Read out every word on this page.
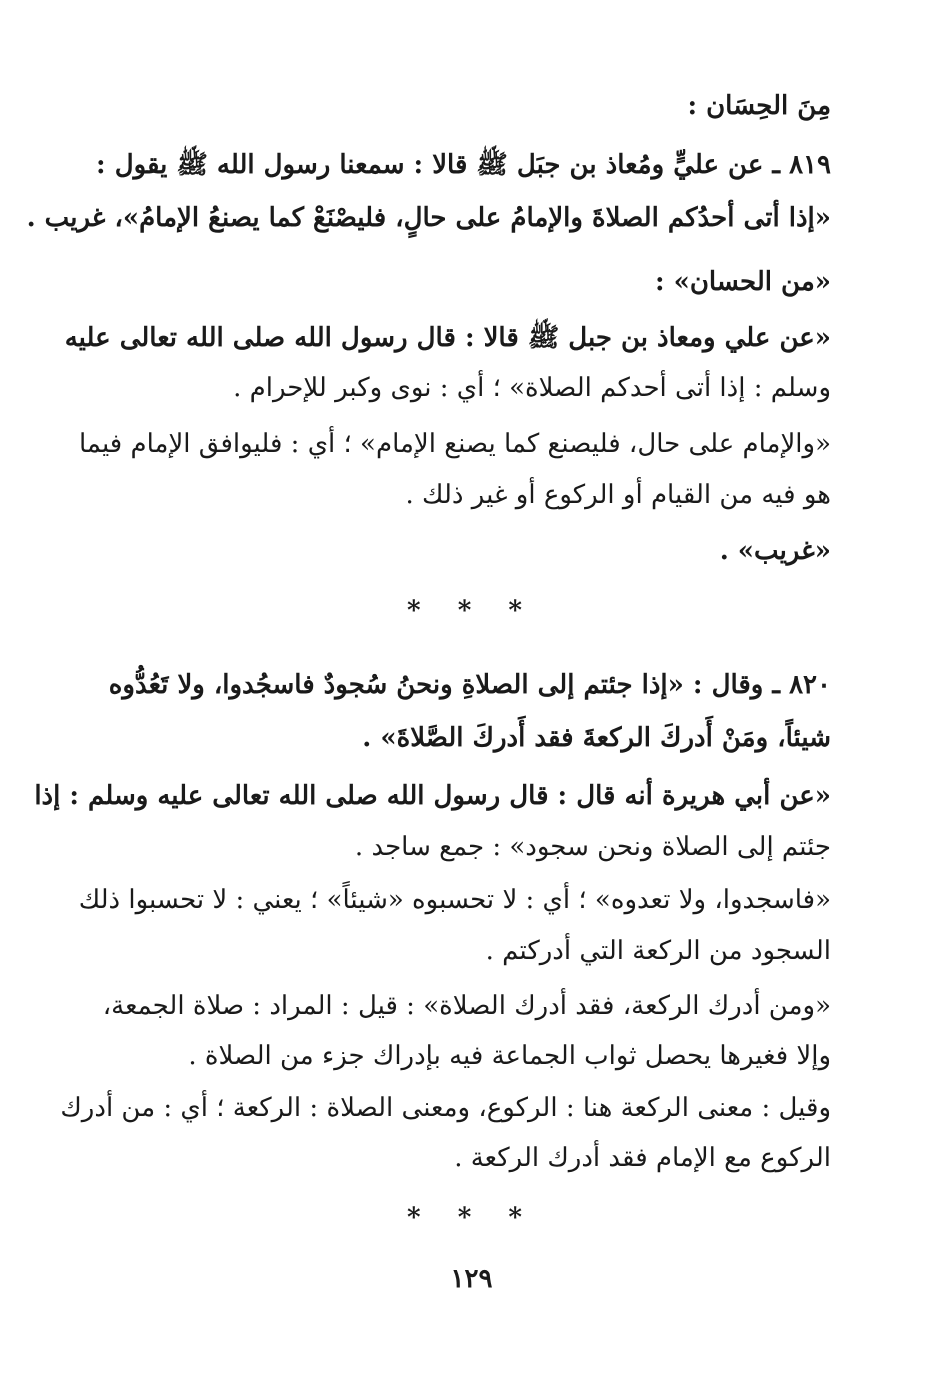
مِنَ الحِسَان :
٨١٩ ـ عن عليٍّ ومُعاذ بن جبَل ﷺ قالا : سمعنا رسول الله ﷺ يقول :
«إذا أتى أحدُكم الصلاةَ والإمامُ على حالٍ، فليصْنَعْ كما يصنعُ الإمامُ»، غريب .
«من الحسان» :
«عن علي ومعاذ بن جبل ﷺ قالا : قال رسول الله صلى الله تعالى عليه
وسلم : إذا أتى أحدكم الصلاة» ؛ أي : نوى وكبر للإحرام .
«والإمام على حال، فليصنع كما يصنع الإمام» ؛ أي : فليوافق الإمام فيما
هو فيه من القيام أو الركوع أو غير ذلك .
«غريب» .
* * *
٨٢٠ ـ وقال : «إذا جئتم إلى الصلاةِ ونحنُ سُجودٌ فاسجُدوا، ولا تَعُدُّوه
شيئاً، ومَنْ أَدركَ الركعةَ فقد أَدركَ الصَّلاةَ» .
«عن أبي هريرة أنه قال : قال رسول الله صلى الله تعالى عليه وسلم : إذا
جئتم إلى الصلاة ونحن سجود» : جمع ساجد .
«فاسجدوا، ولا تعدوه» ؛ أي : لا تحسبوه «شيئاً» ؛ يعني : لا تحسبوا ذلك
السجود من الركعة التي أدركتم .
«ومن أدرك الركعة، فقد أدرك الصلاة» : قيل : المراد : صلاة الجمعة،
وإلا فغيرها يحصل ثواب الجماعة فيه بإدراك جزء من الصلاة .
وقيل : معنى الركعة هنا : الركوع، ومعنى الصلاة : الركعة ؛ أي : من أدرك
الركوع مع الإمام فقد أدرك الركعة .
* * *
١٢٩
